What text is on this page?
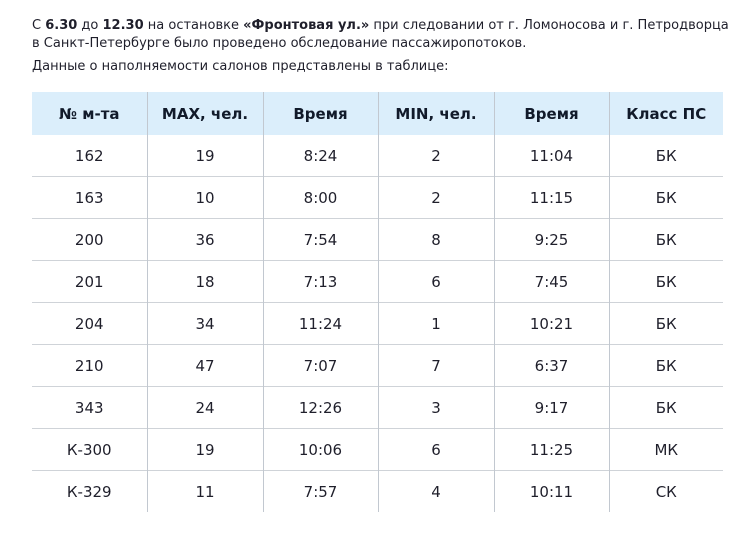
С 6.30 до 12.30 на остановке «Фронтовая ул.» при следовании от г. Ломоносова и г. Петродворца в Санкт-Петербурге было проведено обследование пассажиропотоков.

Данные о наполняемости салонов представлены в таблице:

№ м-та	MAX, чел.	Время	MIN, чел.	Время	Класс ПС
162	19	8:24	2	11:04	БК
163	10	8:00	2	11:15	БК
200	36	7:54	8	9:25	БК
201	18	7:13	6	7:45	БК
204	34	11:24	1	10:21	БК
210	47	7:07	7	6:37	БК
343	24	12:26	3	9:17	БК
К-300	19	10:06	6	11:25	МК
К-329	11	7:57	4	10:11	СК
